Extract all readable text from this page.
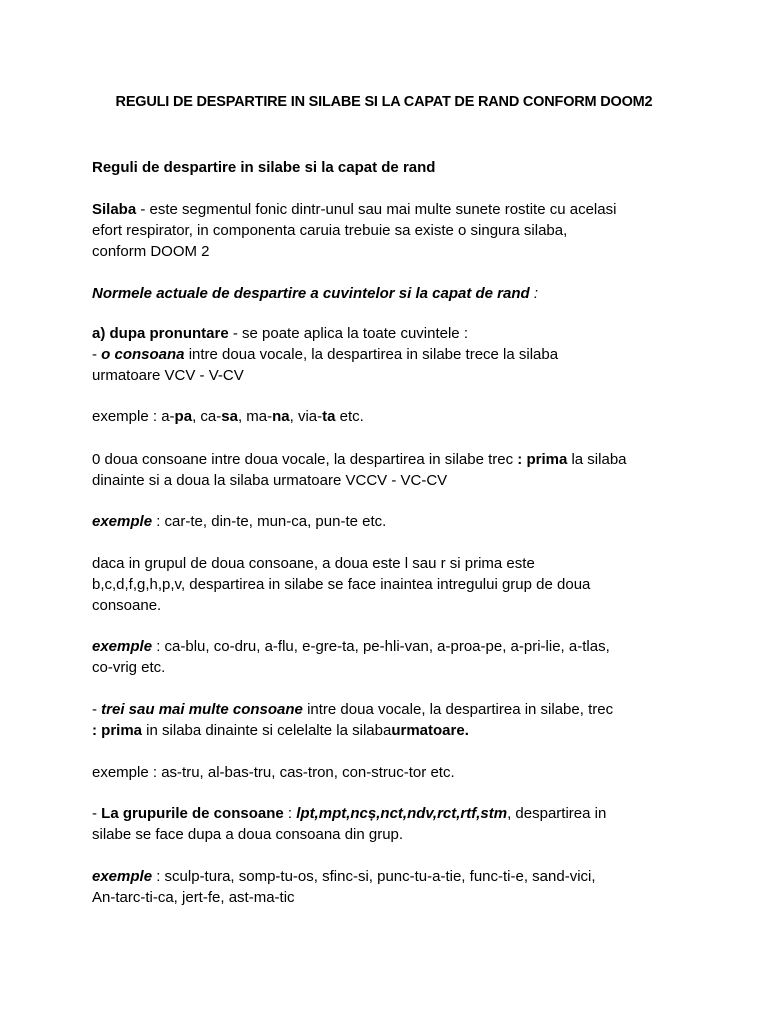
REGULI DE DESPARTIRE IN SILABE SI LA CAPAT DE RAND CONFORM DOOM2
Reguli de despartire in silabe si la capat de rand
Silaba - este segmentul fonic dintr-unul sau mai multe sunete rostite cu acelasi
efort respirator, in componenta caruia trebuie sa existe o singura silaba,
conform DOOM 2
Normele actuale de despartire a cuvintelor si la capat de rand :
a) dupa pronuntare - se poate aplica la toate cuvintele :
- o consoana intre doua vocale, la despartirea in silabe trece la silaba
urmatoare VCV - V-CV
exemple : a-pa, ca-sa, ma-na, via-ta etc.
0 doua consoane intre doua vocale, la despartirea in silabe trec : prima la silaba
dinainte si a doua la silaba urmatoare VCCV - VC-CV
exemple : car-te, din-te, mun-ca, pun-te etc.
daca in grupul de doua consoane, a doua este l sau r si prima este
b,c,d,f,g,h,p,v, despartirea in silabe se face inaintea intregului grup de doua
consoane.
exemple : ca-blu, co-dru, a-flu, e-gre-ta, pe-hli-van, a-proa-pe, a-pri-lie, a-tlas,
co-vrig etc.
- trei sau mai multe consoane intre doua vocale, la despartirea in silabe, trec
: prima in silaba dinainte si celelalte la silabaurmatoare.
exemple : as-tru, al-bas-tru, cas-tron, con-struc-tor etc.
- La grupurile de consoane : lpt,mpt,ncș,nct,ndv,rct,rtf,stm, despartirea in
silabe se face dupa a doua consoana din grup.
exemple : sculp-tura, somp-tu-os, sfinc-si, punc-tu-a-tie, func-ti-e, sand-vici,
An-tarc-ti-ca, jert-fe, ast-ma-tic
